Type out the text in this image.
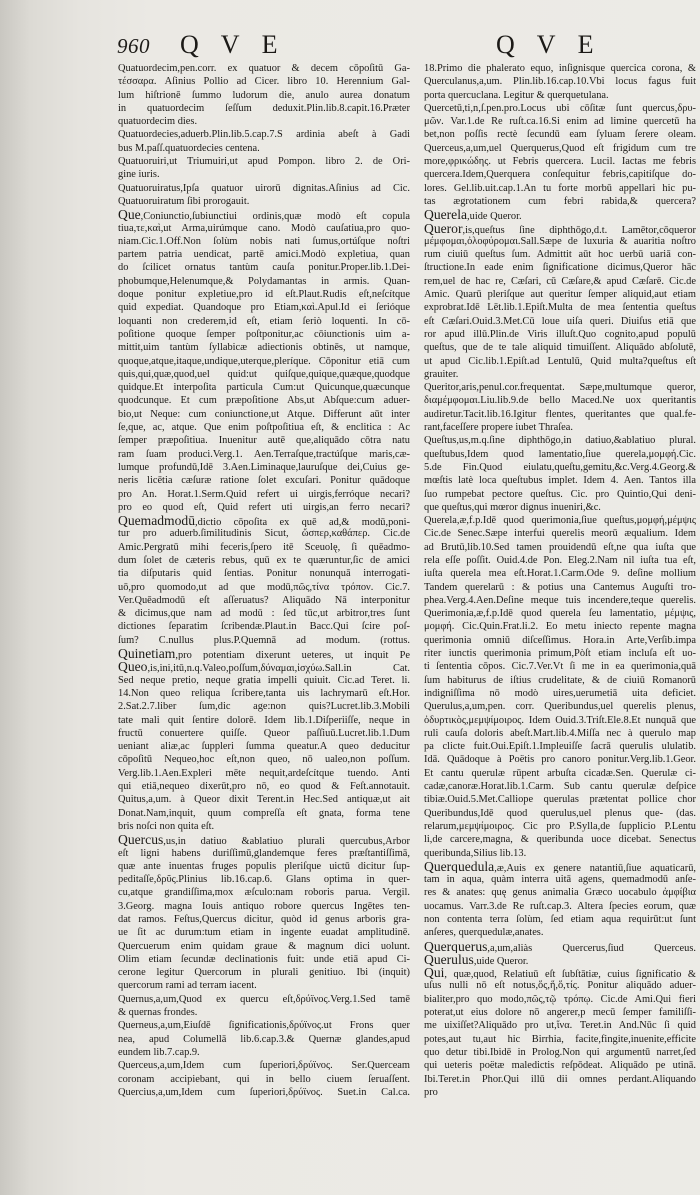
960 Q V E	Q V E
Quatuordecim,pen.corr. ex quatuor & decem cōpoſitū Ga-
τέσσαρα. Aſinius Pollio ad Cicer. libro 10. Herennium Gal-
lum hiſtrionē ſummo ludorum die, anulo aurea donatum
in quatuordecim ſeſſum deduxit.Plin.lib.8.capit.16.Præter
quatuordecim dies.
Quatuordecies,aduerb.Plin.lib.5.cap.7.S ardinia abeſt à Gadi
bus M.paſſ.quatuordecies centena.
Quatuoruiri,ut Triumuiri,ut apud Pompon. libro 2. de Ori-
gine iuris.
Quatuoruiratus,Ipſa quatuor uirorū dignitas.Aſinius ad Cic.
Quatuoruiratum ſibi prorogauit.
Que,Coniunctio,ſubiunctiui ordinis,quæ modò eſt copula
tiua,τε,καὶ,ut Arma,uirúmque cano. Modò cauſatiua,pro quo-
niam.Cic.1.Off.Non ſolùm nobis nati ſumus,ortúſque noſtri
partem patria uendicat, partē amici.Modò expletiua, quan
do ſcilicet ornatus tantùm cauſa ponitur.Proper.lib.1.Dei-
phobumque,Helenumque,& Polydamantas in armis. Quan-
doque ponitur expletiue,pro id eſt.Plaut.Rudis eſt,neſcítque
quid expediat. Quandoque pro Etiam,καὶ.Apul.Id ei ſerióque
loquanti non crederem,id eſt, etiam ſeriò loquenti. In cō-
poſitione quoque ſemper poſtponitur,ac cōiunctionis uim a-
mittit,uim tantùm ſyllabicæ adiectionis obtinēs, ut namque,
quoque,atque,itaque,undique,uterque,pleríque. Cōponitur etiā cum
quis,qui,quæ,quod,uel quid:ut quiſque,quique,quæque,quodque
quidque.Et interpoſita particula Cum:ut Quicunque,quæcunque
quodcunque. Et cum præpoſitione Abs,ut Abſque:cum aduer-
bio,ut Neque: cum coniunctione,ut Atque. Differunt aūt inter
ſe,que, ac, atque. Que enim poſtpoſitiua eſt, & enclitica : Ac
ſemper præpoſitiua. Inuenitur autē que,aliquādo cōtra natu
ram ſuam produci.Verg.1. Aen.Terraſque,tractúſque maris,cæ-
lumque profundū,Idē 3.Aen.Liminaque,lauruſque dei,Cuius ge-
neris licētia cæſuræ ratione ſolet excuſari. Ponitur quādoque
pro An. Horat.1.Serm.Quid refert ui uirgis,ferróque necari?
pro eo quod eſt, Quid refert uti uirgis,an ferro necari?
Quemadmodū,dictio cōpoſita ex quē ad,& modū,poni-
tur pro aduerb.ſimilitudinis Sicut, ὥσπερ,καθάπερ. Cic.de
Amic.Pergratū mihi feceris,ſpero itē Sceuolę, ſi quēadmo-
dum ſolet de cæteris rebus, quū ex te quæruntur,ſic de amici
tia diſputaris quid ſentias. Ponitur nonunquā interrogati-
uō,pro quomodo,ut ad que modū,πῶς,τίνα τρόπον. Cic.7.
Ver.Quēadmodū eſt aſſeruatus? Aliquādo Nā interponitur
& dicimus,que nam ad modū : ſed tūc,ut arbitror,tres ſunt
dictiones ſeparatim ſcribendæ.Plaut.in Bacc.Qui ſcire poſ-
ſum? C.nullus plus.P.Quemnā ad modum. (rottus.
Quinetiam,pro potentiam dixerunt ueteres, ut inquit Pe
Queo,is,ini,itū,n.q.Valeo,poſſum,δύναμαι,ἰσχύω.Sall.in Cat.
Sed neque pretio, neque gratia impelli quiuit. Cic.ad Teret. li.
14.Non queo reliqua ſcribere,tanta uis lachrymarū eſt.Hor.
2.Sat.2.7.liber ſum,dic age:non quis?Lucret.lib.3.Mobili
tate mali quit ſentire dolorē. Idem lib.1.Diſperiiſſe, neque in
fructū conuertere quiſſe. Queor paſſiuū.Lucret.lib.1.Dum
ueniant aliæ,ac ſuppleri ſumma queatur.A queo deducitur
cōpoſitū Nequeo,hoc eſt,non queo, nō ualeo,non poſſum.
Verg.lib.1.Aen.Expleri mēte nequit,ardeſcítque tuendo. Anti
qui etiā,nequeo dixerūt,pro nō, eo quod & Feſt.annotauit.
Quitus,a,um. à Queor dixit Terent.in Hec.Sed antiquæ,ut ait
Donat.Nam,inquit, quum compreſſa eſt gnata, forma tene
bris noſci non quita eſt.
Quercus,us,in datiuo &ablatiuo plurali quercubus,Arbor
eſt ligni habens duriſſimū,glandemque feres præſtantiſſimā,
quæ ante inuentas fruges populis pleriſque uictū dicitur ſup-
peditaſſe,δρῦς.Plinius lib.16.cap.6. Glans optima in quer-
cu,atque grandiſſima,mox æſculo:nam roboris parua. Vergil.
3.Georg. magna Iouis antiquo robore quercus Ingētes ten-
dat ramos. Feſtus,Quercus dicitur, quòd id genus arboris gra-
ue ſit ac durum:tum etiam in ingente euadat amplitudinē.
Quercuerum enim quidam graue & magnum dici uolunt.
Olim etiam ſecundæ declinationis fuit: unde etiā apud Ci-
cerone legitur Quercorum in plurali genitiuo. Ibi (inquit)
quercorum rami ad terram iacent.
Quernus,a,um,Quod ex quercu eſt,δρύϊνος.Verg.1.Sed tamē
& quernas frondes.
Querneus,a,um,Eiuſdē ſignificationis,δρύϊνος.ut Frons quer
nea, apud Columellā lib.6.cap.3.& Quernæ glandes,apud
eundem lib.7.cap.9.
Querceus,a,um,Idem cum ſuperiori,δρύϊνος. Ser.Querceam
coronam accipiebant, qui in bello ciuem ſeruaſſent.
Quercius,a,um,Idem cum ſuperiori,δρύϊνος. Suet.in Cal.ca.
18.Primo die phalerato equo, inſignisque quercica corona, &
Querculanus,a,um. Plin.lib.16.cap.10.Vbi locus fagus fuit
porta quercuclana. Legitur & querquetulana.
Quercetū,ti,n,ſ.pen.pro.Locus ubi cōſitæ ſunt quercus,δρυ-
μῶν. Var.1.de Re ruſt.ca.16.Si enim ad limine quercetū ha
bet,non poſſis rectè ſecundū eam ſyluam ſerere oleam.
Querceus,a,um,uel Querquerus,Quod eſt frigidum cum tre
more,φρικώδης. ut Febris quercera. Lucil. Iactas me febris
quercera.Idem,Querquera conſequitur febris,capitiſque do-
lores. Gel.lib.uit.cap.1.An tu forte morbū appellari hic pu-
tas ægrotationem cum febri rabida,& quercera?
Querela,uide Queror.
Queror,is,queſtus ſine diphthōgo,d.t. Lamētor,cōqueror
μέμφομαι,ὀλοφύρομαι.Sall.Sæpe de luxuria & auaritia noſtro
rum ciuiū queſtus ſum. Admittit aūt hoc uerbū uariā con-
ſtructione.In eade enim ſignificatione dicimus,Queror hāc
rem,uel de hac re, Cæſari, cū Cæſare,& apud Cæſarē. Cic.de
Amic. Quarū pleriſque aut queritur ſemper aliquid,aut etiam
exprobrat.Idē Lēt.lib.1.Epiſt.Multa de mea ſententia queſtus
eſt Cæſari.Ouid.3.Met.Cū loue uiſa queri. Diuiſus etiā que
ror apud illū.Plin.de Viris illuſt.Quo cognito,apud populū
queſtus, que de te tale aliquid timuiſſent. Aliquādo abſolutē,
ut apud Cic.lib.1.Epiſt.ad Lentulū, Quid multa?queſtus eſt
grauiter.
Queritor,aris,penul.cor.frequentat. Sæpe,multumque queror,
διαμέμφομαι.Liu.lib.9.de bello Maced.Ne uox queritantis
audiretur.Tacit.lib.16.Igitur flentes, queritantes que qual.fe-
rant,faceſſere propere iubet Thraſea.
Queſtus,us,m.q.ſine diphthōgo,in datiuo,&ablatiuo plural.
queſtubus,Idem quod lamentatio,ſiue querela,μομφή.Cic.
5.de Fin.Quod eiulatu,queſtu,gemitu,&c.Verg.4.Georg.&
mœſtis latè loca queſtubus implet. Idem 4. Aen. Tantos illa
ſuo rumpebat pectore queſtus. Cic. pro Quintio,Qui deni-
que queſtus,qui mœror dignus inueniri,&c.
Querela,æ,f.p.Idē quod querimonia,ſiue queſtus,μομφή,μέμψις
Cic.de Senec.Sæpe interfui querelis meorū æqualium. Idem
ad Brutū,lib.10.Sed tamen prouidendū eſt,ne qua iuſta que
rela eſſe poſſit. Ouid.4.de Pon. Eleg.2.Nam nil iuſta tua eſt,
iuſta querela mea eſt.Horat.1.Carm.Ode 9. deſine mollium
Tandem querelarū : & potius una Cantemus Auguſti tro-
phea.Verg.4.Aen.Deſine meque tuis incendere,teque querelis.
Querimonia,æ,f.p.Idē quod querela ſeu lamentatio, μέμψις,
μομφή. Cic.Quin.Frat.li.2. Eo metu iniecto repente magna
querimonia omniū diſceſſimus. Hora.in Arte,Verſib.impa
riter iunctis querimonia primum,Pòſt etiam incluſa eſt uo-
ti ſententia cōpos. Cic.7.Ver.Vt ſi me in ea querimonia,quā
ſum habiturus de iſtius crudelitate, & de ciuiū Romanorū
indigniſſima nō modò uires,uerumetiā uita deficiet.
Querulus,a,um,pen. corr. Queribundus,uel querelis plenus,
ὀδυρτικὸς,μεμψίμοιρος. Idem Ouid.3.Triſt.Ele.8.Et nunquā que
ruli cauſa doloris abeſt.Mart.lib.4.Miſſa nec à querulo map
pa clicte fuit.Oui.Epiſt.1.Impleuiſſe ſacrā querulis ululatib.
Idā. Quādoque à Poëtis pro canoro ponitur.Verg.lib.1.Geor.
Et cantu querulæ rūpent arbuſta cicadæ.Sen. Querulæ ci-
cadæ,canoræ.Horat.lib.1.Carm. Sub cantu querulæ deſpice
tibiæ.Ouid.5.Met.Calliope querulas prætentat pollice chor
Queribundus,Idē quod querulus,uel plenus que- (das.
relarum,μεμψίμοιρος. Cic pro P.Sylla,de ſupplicio P.Lentu
li,de carcere,magna, & queribunda uoce dicebat. Senectus
queribunda,Silius lib.13.
Querquedula,æ,Auis ex genere natantiū,ſiue aquaticarū,
tam in aqua, quàm interra uitā agens, quemadmodū anſe-
res & anates: quę genus animalia Græco uocabulo ἀμφίβια
uocamus. Varr.3.de Re ruſt.cap.3. Altera ſpecies eorum, quæ
non contenta terra ſolùm, ſed etiam aqua requirūt:ut ſunt
anſeres, querquedulæ,anates.
Querquerus,a,um,aliàs Quercerus,ſiud Querceus.
Querulus,uide Queror.
Qui, quæ,quod, Relatiuū eſt ſubſtātiæ, cuius ſignificatio &
uſus nulli nō eſt notus,ὅς,ἥ,ὅ,τίς. Ponitur aliquādo aduer-
bialiter,pro quo modo,πῶς,τῷ τρόπῳ. Cic.de Ami.Qui fieri
poterat,ut eius dolore nō angerer,p mecū ſemper familiſſi-
me uixiſſet?Aliquādo pro ut,ἵνα. Teret.in And.Nūc ſi quid
potes,aut tu,aut hic Birrhia, facite,fingite,inuenite,efficite
quo detur tibi.Ibidē in Prolog.Non qui argumentū narret,ſed
qui ueteris poëtæ maledictis reſpōdeat. Aliquādo pe utinā.
Ibi.Teret.in Phor.Qui illū dii omnes perdant.Aliquando
pro
